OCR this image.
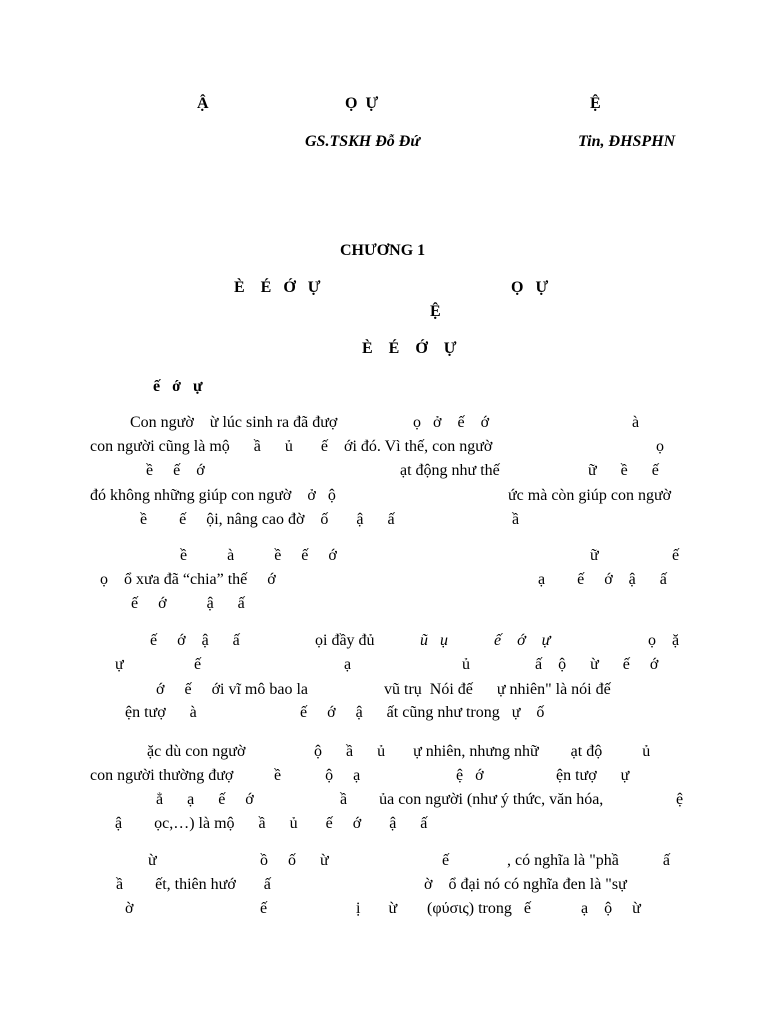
Ậ	Ọ  Ự	Ệ
GS.TSKH Đỗ Đứ	Tin, ĐHSPHN
CHƯƠNG 1
È    É   Ớ   Ự	Ọ   Ự
Ệ
È    É    Ớ    Ự
ế   ớ   ự
Con ngườ    ừ lúc sinh ra đã đượ	ọ   ở    ế    ớ	à
con người cũng là mộ      ầ      ủ       ế    ới đó. Vì thế, con ngườ	ọ
ề     ế    ớ	ạt động như thế	ữ      ề      ế
đó không những giúp con ngườ    ở   ộ	ức mà còn giúp con ngườ
ề        ế     ội, nâng cao đờ    ố       ậ      ấ	ầ
ề          à          ề     ế     ớ	ữ	ế
ọ    ổ xưa đã “chia” thế     ớ	ạ        ế     ớ    ậ      ấ
ế     ớ          ậ      ấ
ế     ớ    ậ      ấ	ọi đầy đủ	ũ   ụ	ế    ớ    ự	ọ    ặ
ự	ế	ạ	ủ	ấ    ộ      ừ      ế     ớ
ớ     ế     ới vĩ mô bao la	vũ trụ  Nói đế      ự nhiên" là nói đế
ện tượ      à	ế     ớ     ậ      ất cũng như trong   ự    ố
ặc dù con ngườ	ộ      ầ      ủ       ự nhiên, nhưng nhữ        ạt độ          ủ
con người thường đượ	ề           ộ     ạ	ệ   ớ	ện tượ      ự
ẳ      ạ      ế     ớ	ầ        ủa con người (như ý thức, văn hóa,	ệ
ậ        ọc,…) là mộ      ầ      ủ       ế     ớ       ậ      ấ
ừ	ồ     ố      ừ	ế	, có nghĩa là "phầ           ấ
ầ        ết, thiên hướ       ấ	ờ    ổ đại nó có nghĩa đen là "sự
ờ	ế	ị       ừ (φύσις) trong   ế	ạ    ộ     ừ
